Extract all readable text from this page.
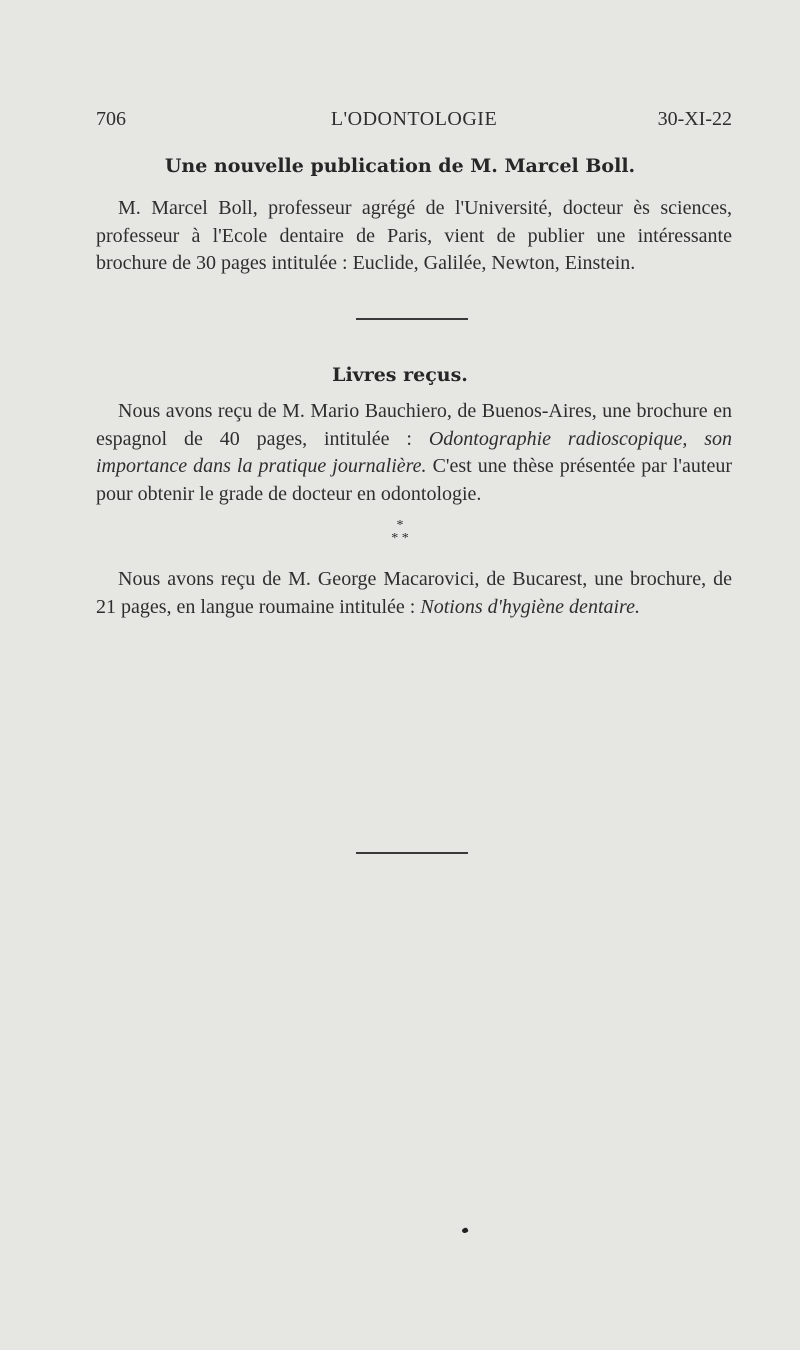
706	L'ODONTOLOGIE	30-XI-22
Une nouvelle publication de M. Marcel Boll.

M. Marcel Boll, professeur agrégé de l'Université, docteur ès sciences, professeur à l'Ecole dentaire de Paris, vient de publier une intéressante brochure de 30 pages intitulée : Euclide, Galilée, Newton, Einstein.

Livres reçus.

Nous avons reçu de M. Mario Bauchiero, de Buenos-Aires, une brochure en espagnol de 40 pages, intitulée : Odontographie radioscopique, son importance dans la pratique journalière. C'est une thèse présentée par l'auteur pour obtenir le grade de docteur en odontologie.

*
* *

Nous avons reçu de M. George Macarovici, de Bucarest, une brochure, de 21 pages, en langue roumaine intitulée : Notions d'hygiène dentaire.
